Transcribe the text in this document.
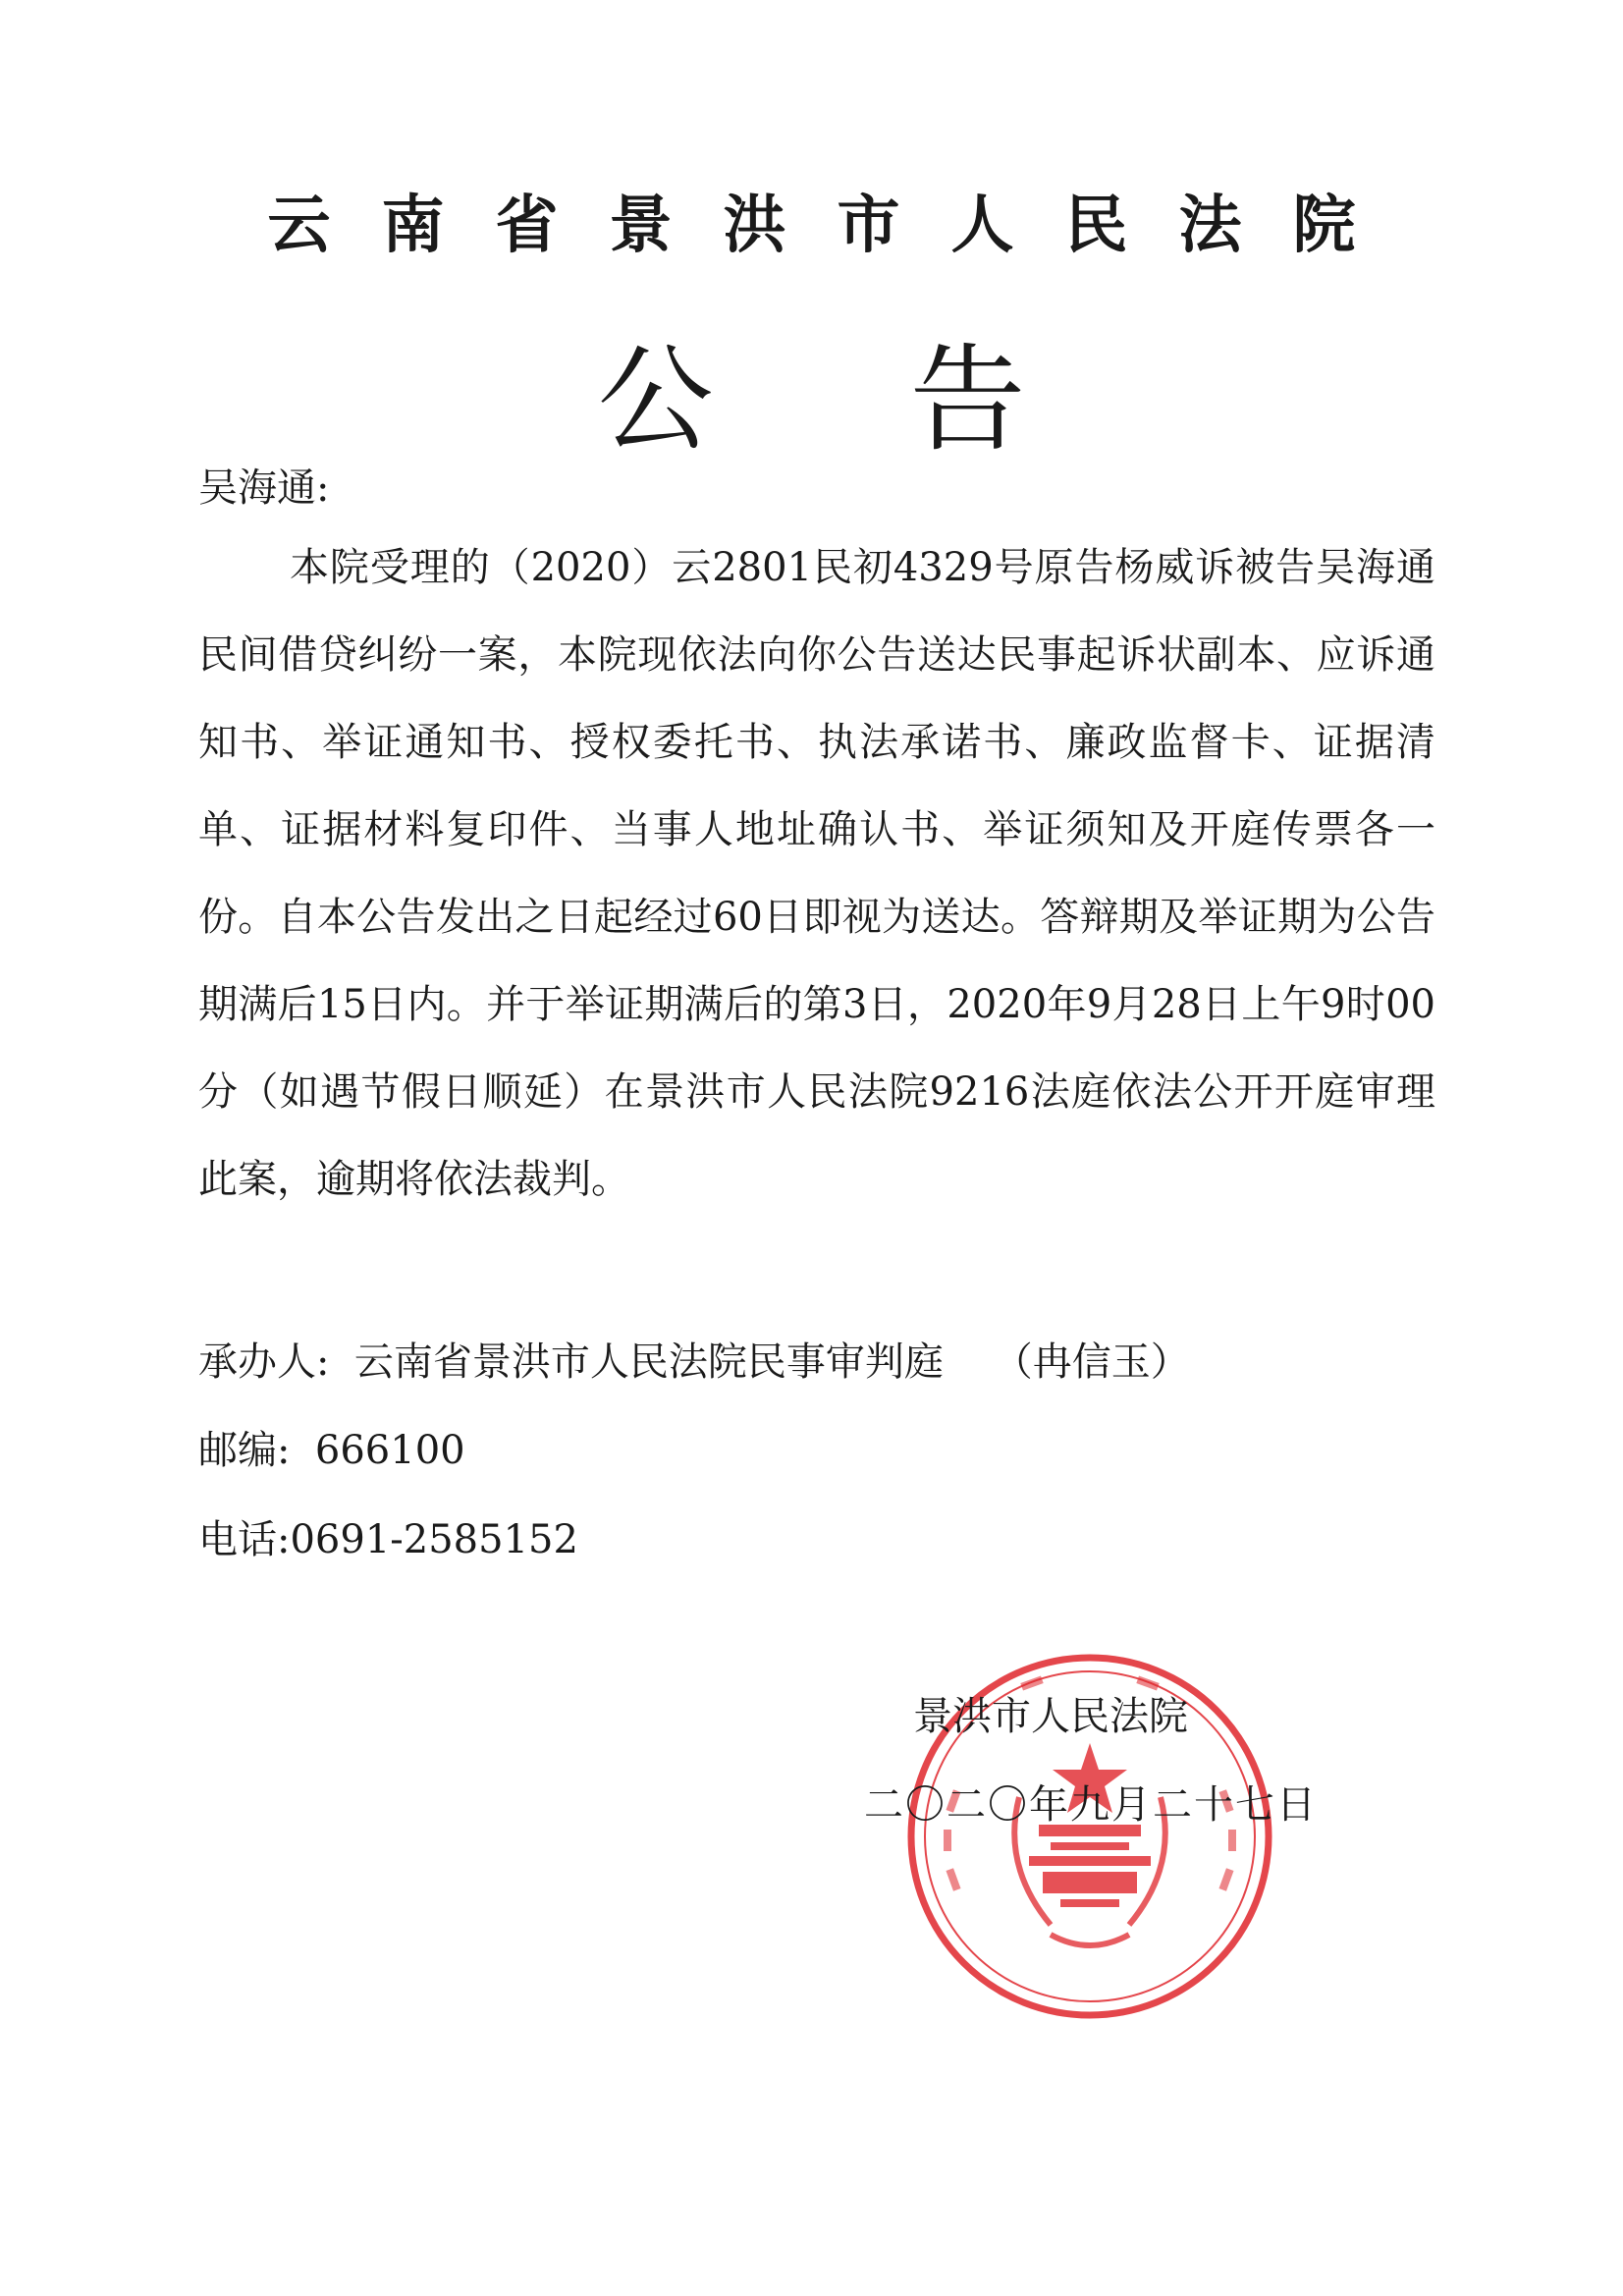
云南省景洪市人民法院
公告
吴海通:
本院受理的（2020）云2801民初4329号原告杨威诉被告吴海通民间借贷纠纷一案，本院现依法向你公告送达民事起诉状副本、应诉通知书、举证通知书、授权委托书、执法承诺书、廉政监督卡、证据清单、证据材料复印件、当事人地址确认书、举证须知及开庭传票各一份。自本公告发出之日起经过60日即视为送达。答辩期及举证期为公告期满后15日内。并于举证期满后的第3日，2020年9月28日上午9时00分（如遇节假日顺延）在景洪市人民法院9216法庭依法公开开庭审理此案，逾期将依法裁判。
承办人:  云南省景洪市人民法院民事审判庭    （冉信玉）
邮编:  666100
电话:0691-2585152
景洪市人民法院
二〇二〇年九月二十七日
